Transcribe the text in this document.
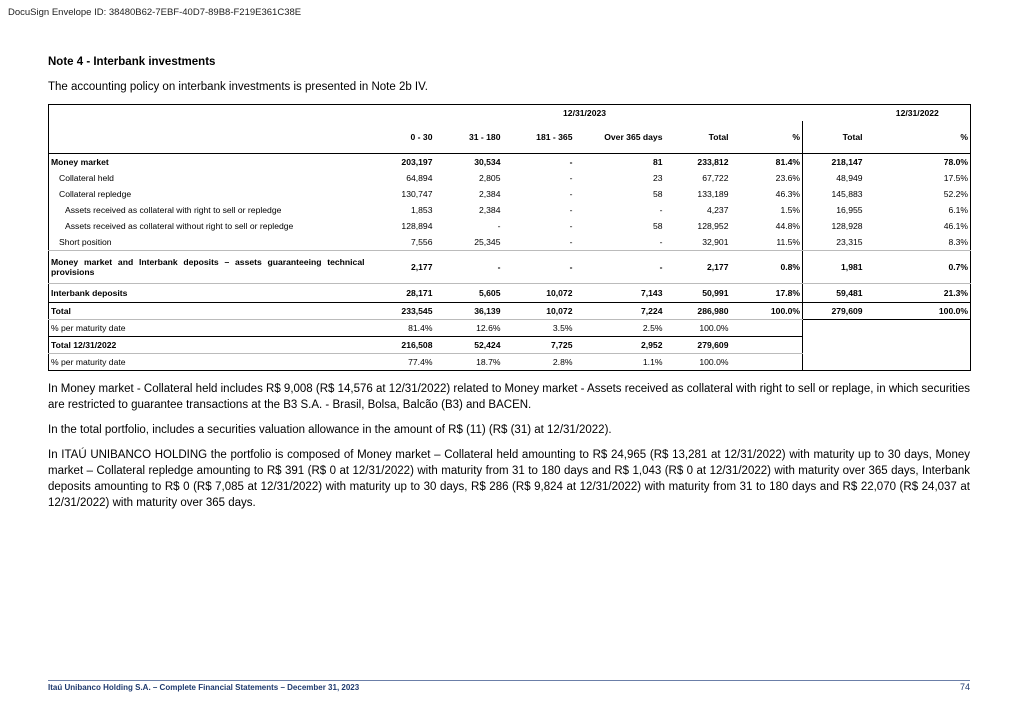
DocuSign Envelope ID: 38480B62-7EBF-40D7-89B8-F219E361C38E
Note 4 - Interbank investments
The accounting policy on interbank investments is presented in Note 2b IV.

	12/31/2023							12/31/2022	
	0 - 30	31 - 180	181 - 365	Over 365 days	Total	%	Total		%
Money market	203,197	30,534	-	81	233,812	81.4%	218,147		78.0%
Collateral held	64,894	2,805	-	23	67,722	23.6%	48,949		17.5%
Collateral repledge	130,747	2,384	-	58	133,189	46.3%	145,883		52.2%
Assets received as collateral with right to sell or repledge	1,853	2,384	-	-	4,237	1.5%	16,955		6.1%
Assets received as collateral without right to sell or repledge	128,894	-	-	58	128,952	44.8%	128,928		46.1%
Short position	7,556	25,345	-	-	32,901	11.5%	23,315		8.3%
Money market and Interbank deposits – assets guaranteeing technical provisions	2,177	-	-	-	2,177	0.8%	1,981		0.7%
Interbank deposits	28,171	5,605	10,072	7,143	50,991	17.8%	59,481		21.3%
Total	233,545	36,139	10,072	7,224	286,980	100.0%	279,609		100.0%
% per maturity date	81.4%	12.6%	3.5%	2.5%	100.0%				
Total 12/31/2022	216,508	52,424	7,725	2,952	279,609				
% per maturity date	77.4%	18.7%	2.8%	1.1%	100.0%				

In Money market - Collateral held includes R$ 9,008 (R$ 14,576 at 12/31/2022) related to Money market - Assets received as collateral with right to sell or replage, in which securities are restricted to guarantee transactions at the B3 S.A. - Brasil, Bolsa, Balcão (B3) and BACEN.

In the total portfolio, includes a securities valuation allowance in the amount of R$ (11) (R$ (31) at 12/31/2022).

In ITAÚ UNIBANCO HOLDING the portfolio is composed of Money market – Collateral held amounting to R$ 24,965 (R$ 13,281 at 12/31/2022) with maturity up to 30 days, Money market – Collateral repledge amounting to R$ 391 (R$ 0 at 12/31/2022) with maturity from 31 to 180 days and R$ 1,043 (R$ 0 at 12/31/2022) with maturity over 365 days, Interbank deposits amounting to R$ 0 (R$ 7,085 at 12/31/2022) with maturity up to 30 days, R$ 286 (R$ 9,824 at 12/31/2022) with maturity from 31 to 180 days and R$ 22,070 (R$ 24,037 at 12/31/2022) with maturity over 365 days.

Itaú Unibanco Holding S.A. – Complete Financial Statements – December 31, 2023	74
